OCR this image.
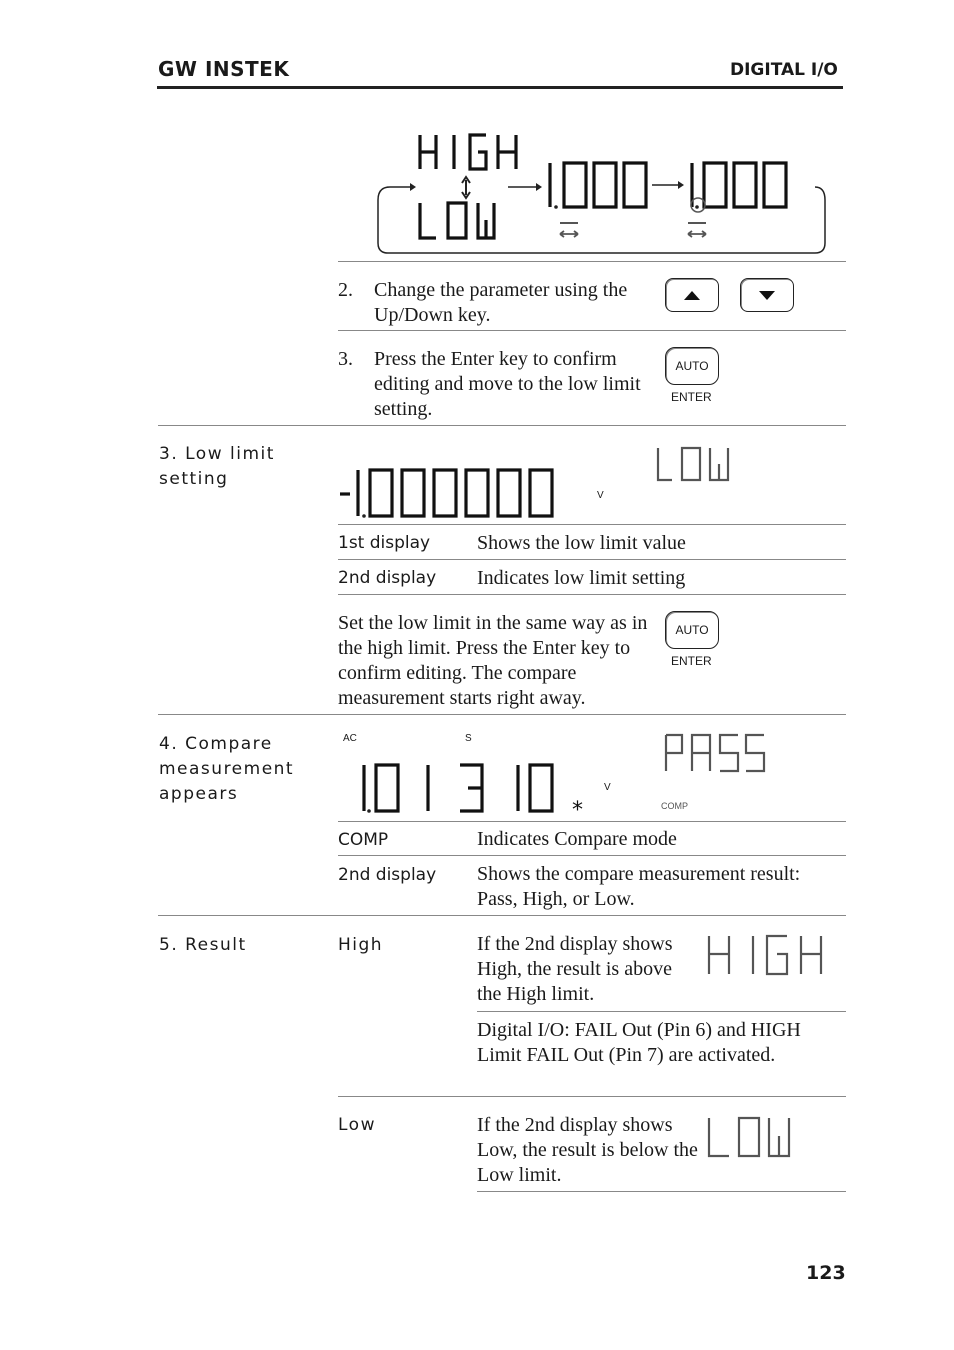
GW INSTEK	DIGITAL I/O
2. Change the parameter using the Up/Down key.
3. Press the Enter key to confirm editing and move to the low limit setting.
AUTO
ENTER
3. Low limit setting
V
1st display Shows the low limit value
2nd display Indicates low limit setting
Set the low limit in the same way as in the high limit. Press the Enter key to confirm editing. The compare measurement starts right away.
AUTO
ENTER
4. Compare measurement appears
AC	S
*
V
COMP
COMP	Indicates Compare mode
2nd display Shows the compare measurement result: Pass, High, or Low.
5. Result	High	If the 2nd display shows High, the result is above the High limit.
Digital I/O: FAIL Out (Pin 6) and HIGH Limit FAIL Out (Pin 7) are activated.
Low	If the 2nd display shows Low, the result is below the Low limit.
123
